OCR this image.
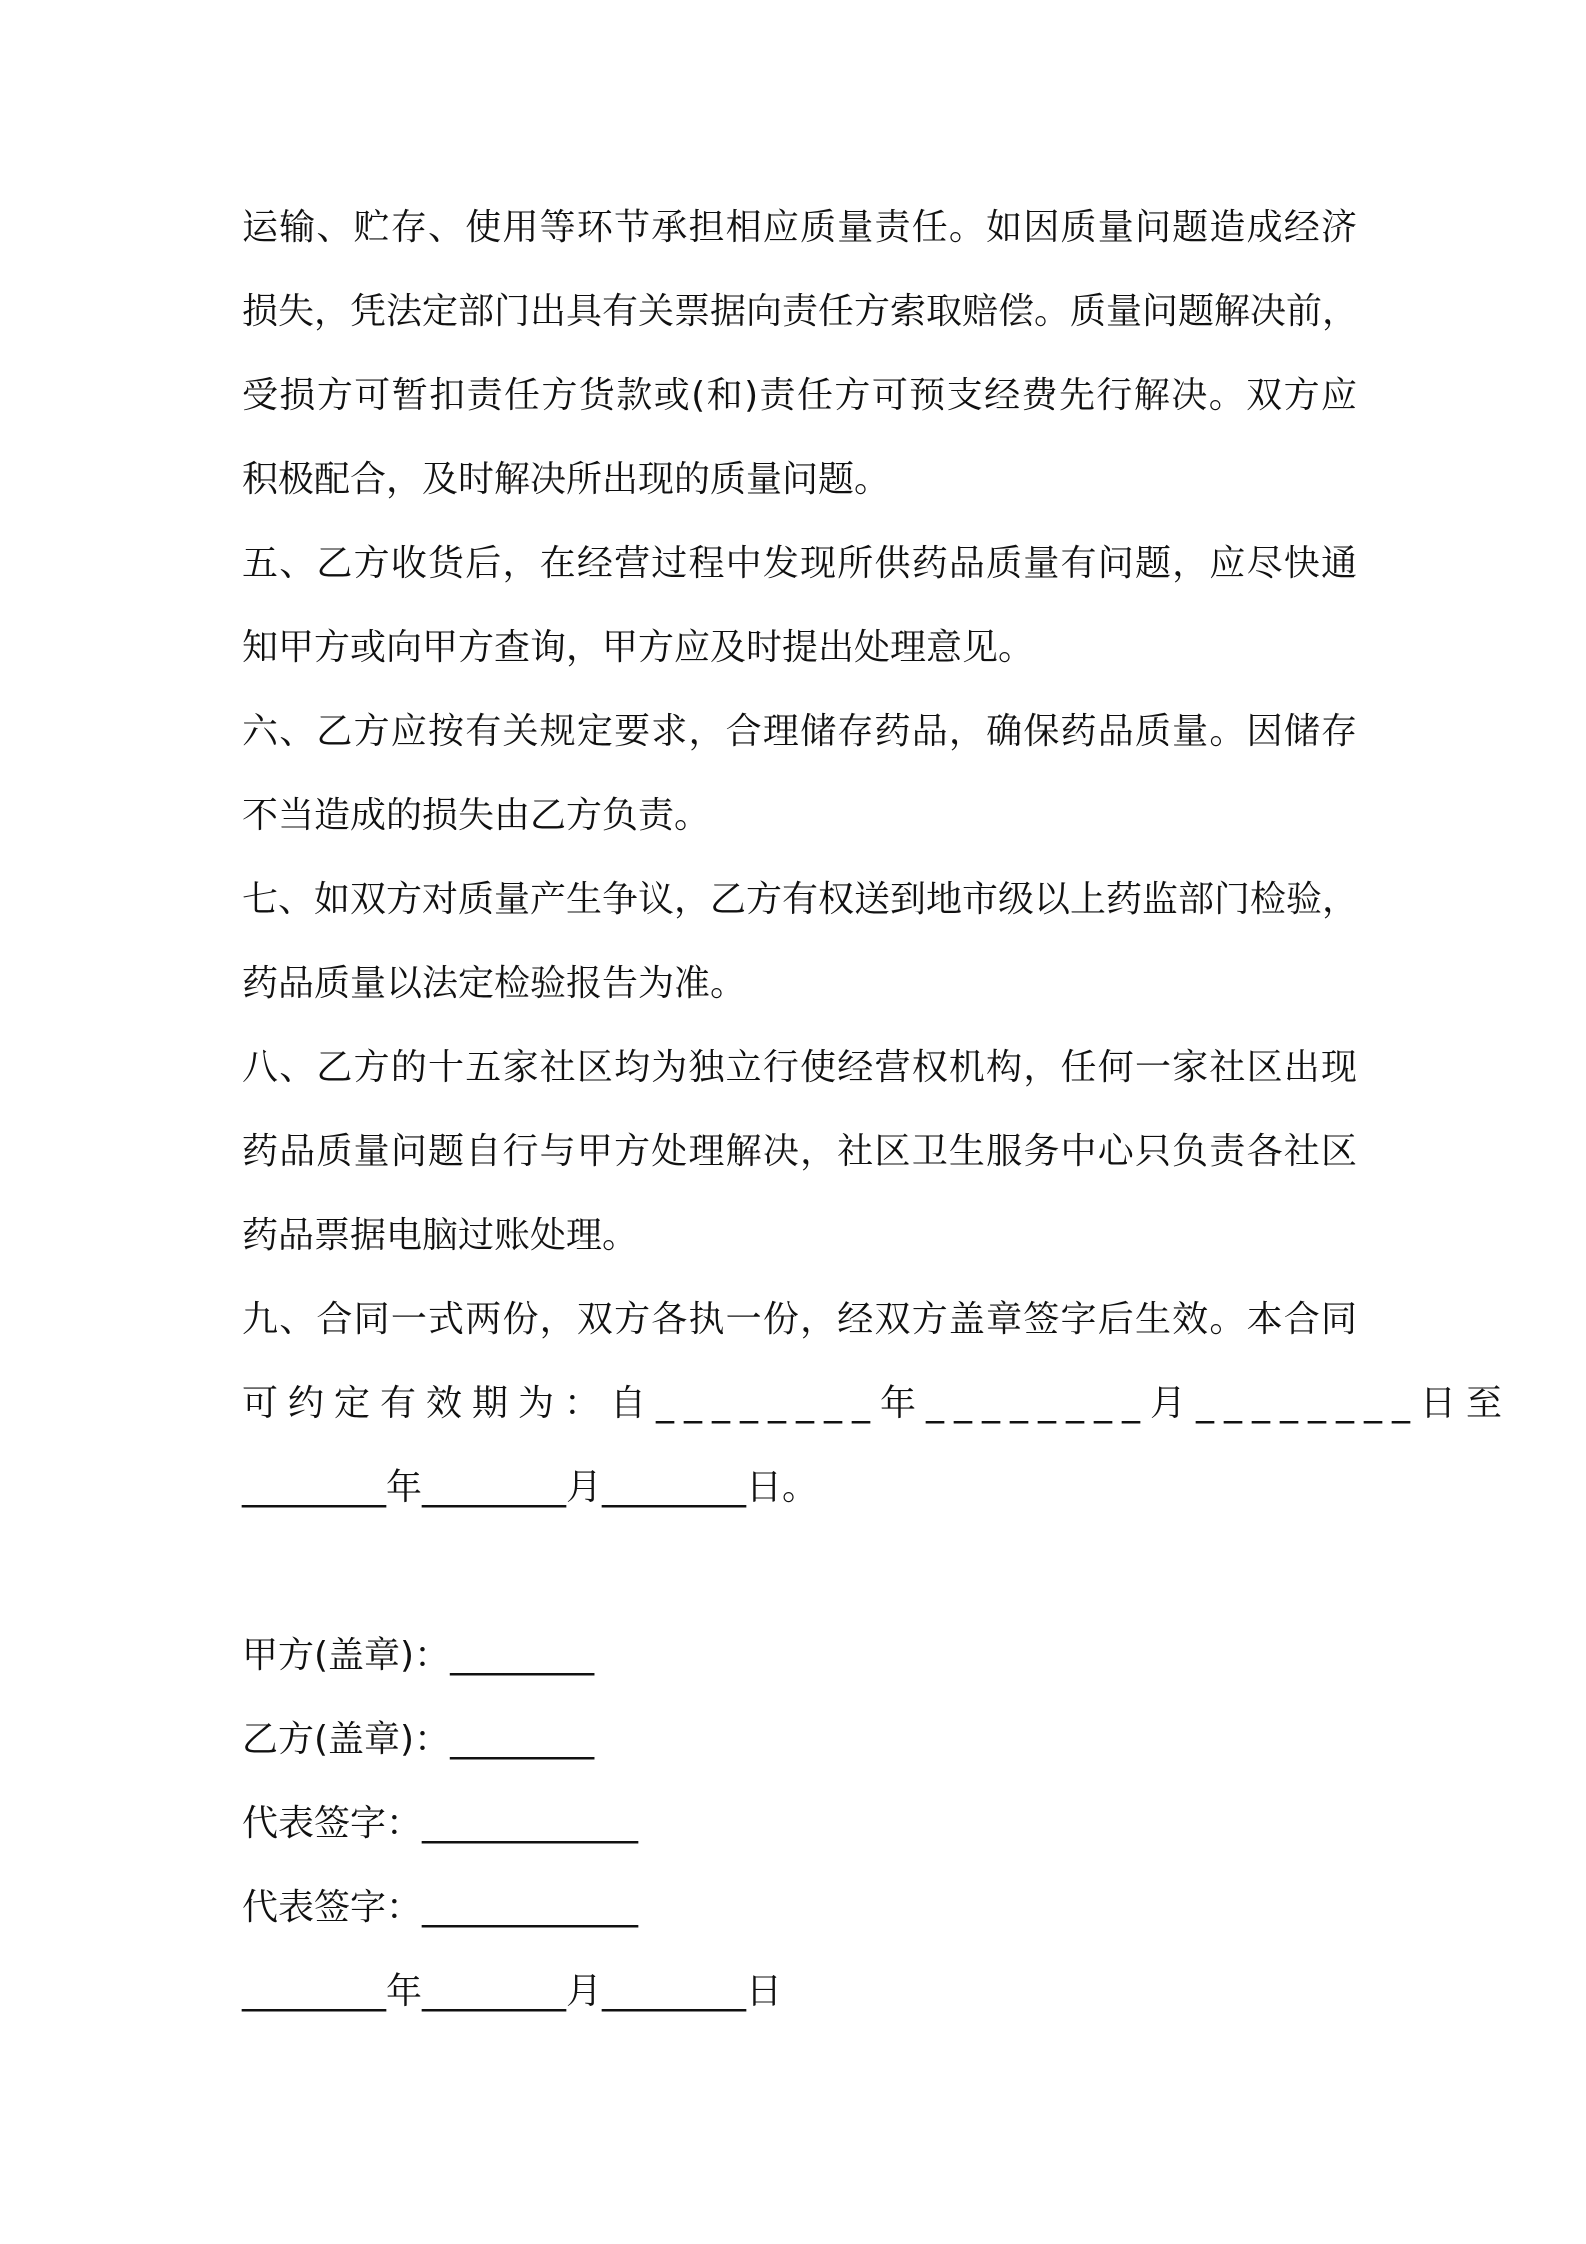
运输、贮存、使用等环节承担相应质量责任。如因质量问题造成经济
损失，凭法定部门出具有关票据向责任方索取赔偿。质量问题解决前，
受损方可暂扣责任方货款或(和)责任方可预支经费先行解决。双方应
积极配合，及时解决所出现的质量问题。
五、乙方收货后，在经营过程中发现所供药品质量有问题，应尽快通
知甲方或向甲方查询，甲方应及时提出处理意见。
六、乙方应按有关规定要求，合理储存药品，确保药品质量。因储存
不当造成的损失由乙方负责。
七、如双方对质量产生争议，乙方有权送到地市级以上药监部门检验，
药品质量以法定检验报告为准。
八、乙方的十五家社区均为独立行使经营权机构，任何一家社区出现
药品质量问题自行与甲方处理解决，社区卫生服务中心只负责各社区
药品票据电脑过账处理。
九、合同一式两份，双方各执一份，经双方盖章签字后生效。本合同
可约定有效期为：自________年________月________日至
________年________月________日。
甲方(盖章)：________
乙方(盖章)：________
代表签字：____________
代表签字：____________
________年________月________日
